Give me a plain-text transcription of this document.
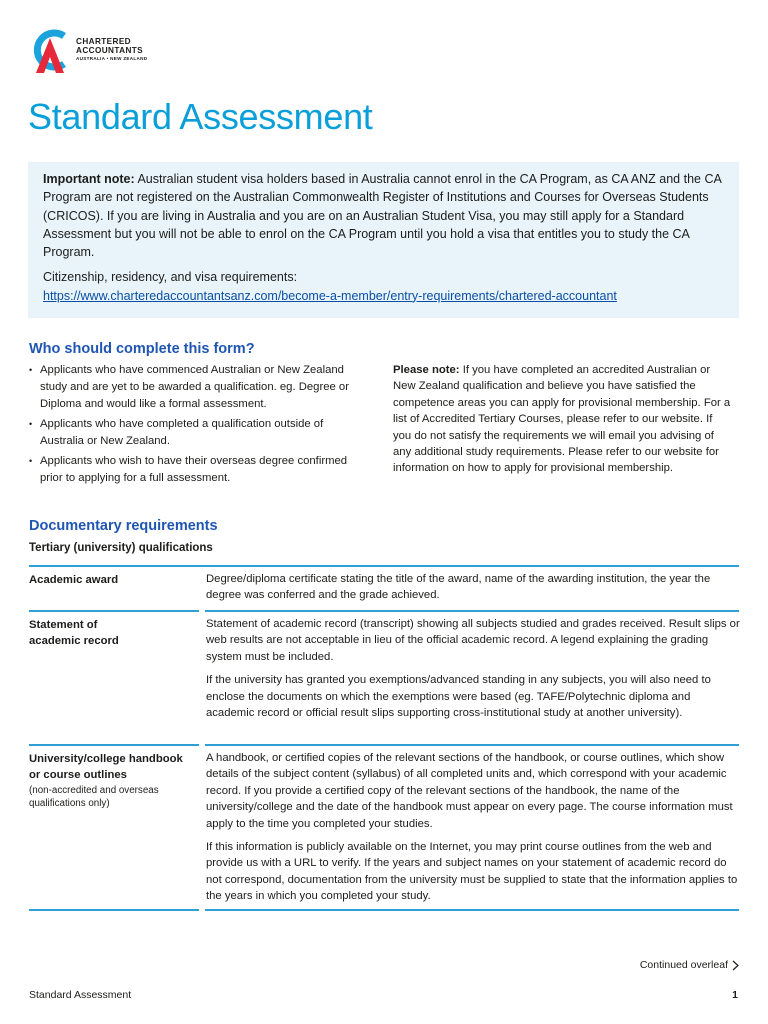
CHARTERED
ACCOUNTANTS
AUSTRALIA • NEW ZEALAND
Standard Assessment

Important note: Australian student visa holders based in Australia cannot enrol in the CA Program, as CA ANZ and the CA Program are not registered on the Australian Commonwealth Register of Institutions and Courses for Overseas Students (CRICOS). If you are living in Australia and you are on an Australian Student Visa, you may still apply for a Standard Assessment but you will not be able to enrol on the CA Program until you hold a visa that entitles you to study the CA Program.

Citizenship, residency, and visa requirements:
https://www.charteredaccountantsanz.com/become-a-member/entry-requirements/chartered-accountant

Who should complete this form?
• Applicants who have commenced Australian or New Zealand study and are yet to be awarded a qualification. eg. Degree or Diploma and would like a formal assessment.
• Applicants who have completed a qualification outside of Australia or New Zealand.
• Applicants who wish to have their overseas degree confirmed prior to applying for a full assessment.
Please note: If you have completed an accredited Australian or New Zealand qualification and believe you have satisfied the competence areas you can apply for provisional membership. For a list of Accredited Tertiary Courses, please refer to our website. If you do not satisfy the requirements we will email you advising of any additional study requirements. Please refer to our website for information on how to apply for provisional membership.
Documentary requirements
Tertiary (university) qualifications
Academic award	Degree/diploma certificate stating the title of the award, name of the awarding institution, the year the degree was conferred and the grade achieved.

Statement of academic record

Statement of academic record (transcript) showing all subjects studied and grades received. Result slips or web results are not acceptable in lieu of the official academic record. A legend explaining the grading system must be included.

If the university has granted you exemptions/advanced standing in any subjects, you will also need to enclose the documents on which the exemptions were based (eg. TAFE/Polytechnic diploma and academic record or official result slips supporting cross-institutional study at another university).

University/college handbook or course outlines
(non-accredited and overseas qualifications only)

A handbook, or certified copies of the relevant sections of the handbook, or course outlines, which show details of the subject content (syllabus) of all completed units and, which correspond with your academic record. If you provide a certified copy of the relevant sections of the handbook, the name of the university/college and the date of the handbook must appear on every page. The course information must apply to the time you completed your studies.

If this information is publicly available on the Internet, you may print course outlines from the web and provide us with a URL to verify. If the years and subject names on your statement of academic record do not correspond, documentation from the university must be supplied to state that the information applies to the years in which you completed your study.

Continued overleaf
Standard Assessment	1
